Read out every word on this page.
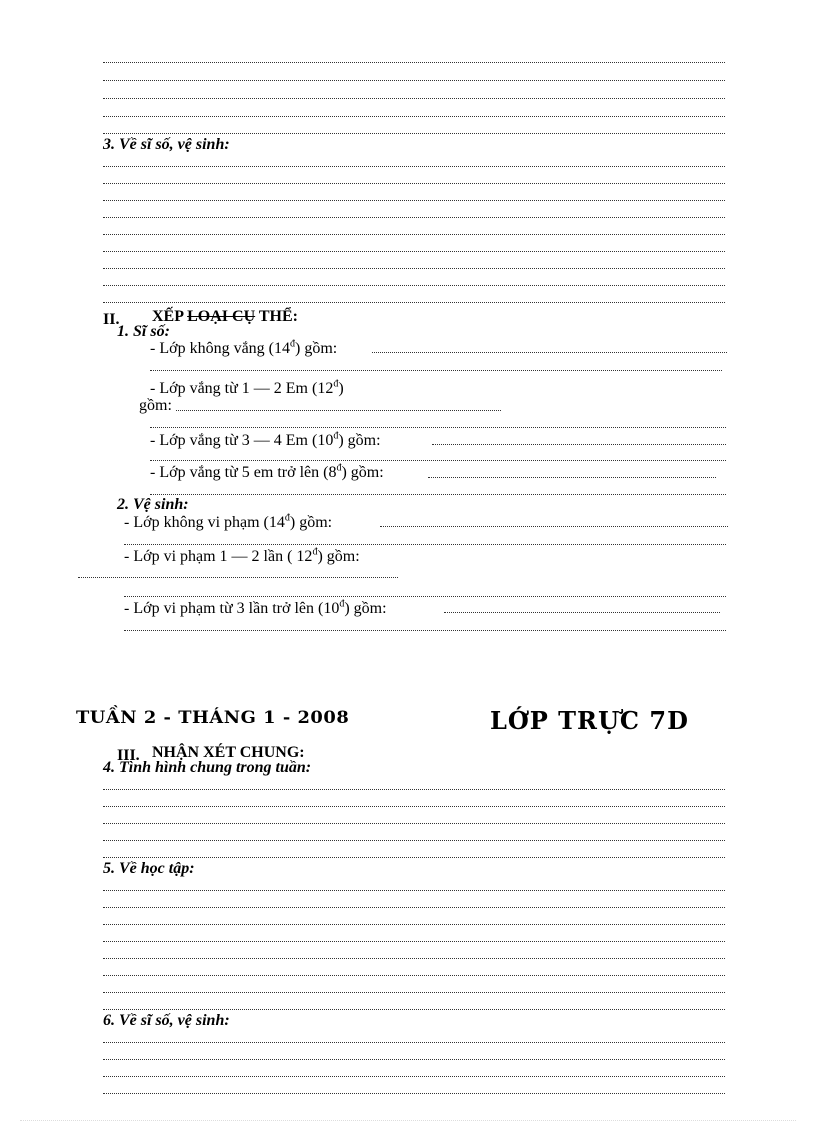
3. Về sĩ số, vệ sinh:
II. XẾP LOẠI CỤ THỂ:
1. Sĩ số:
- Lớp không vắng $(14^đ)$ gồm:
- Lớp vắng từ 1 — 2 Em $(12^đ)$
gồm:
- Lớp vắng từ 3 — 4 Em $(10^đ)$ gồm:
- Lớp vắng từ 5 em trở lên $(8^đ)$ gồm:
2. Vệ sinh:
- Lớp không vi phạm $(14^đ)$ gồm:
- Lớp vi phạm 1 — 2 lần ( $12^đ$) gồm:
- Lớp vi phạm từ 3 lần trở lên $(10^đ)$ gồm:
TUẦN 2 - THÁNG 1 - 2008	LỚP TRỰC 7D
III. NHẬN XÉT CHUNG:
4. Tình hình chung trong tuần:
5. Về học tập:
6. Về sĩ số, vệ sinh:
